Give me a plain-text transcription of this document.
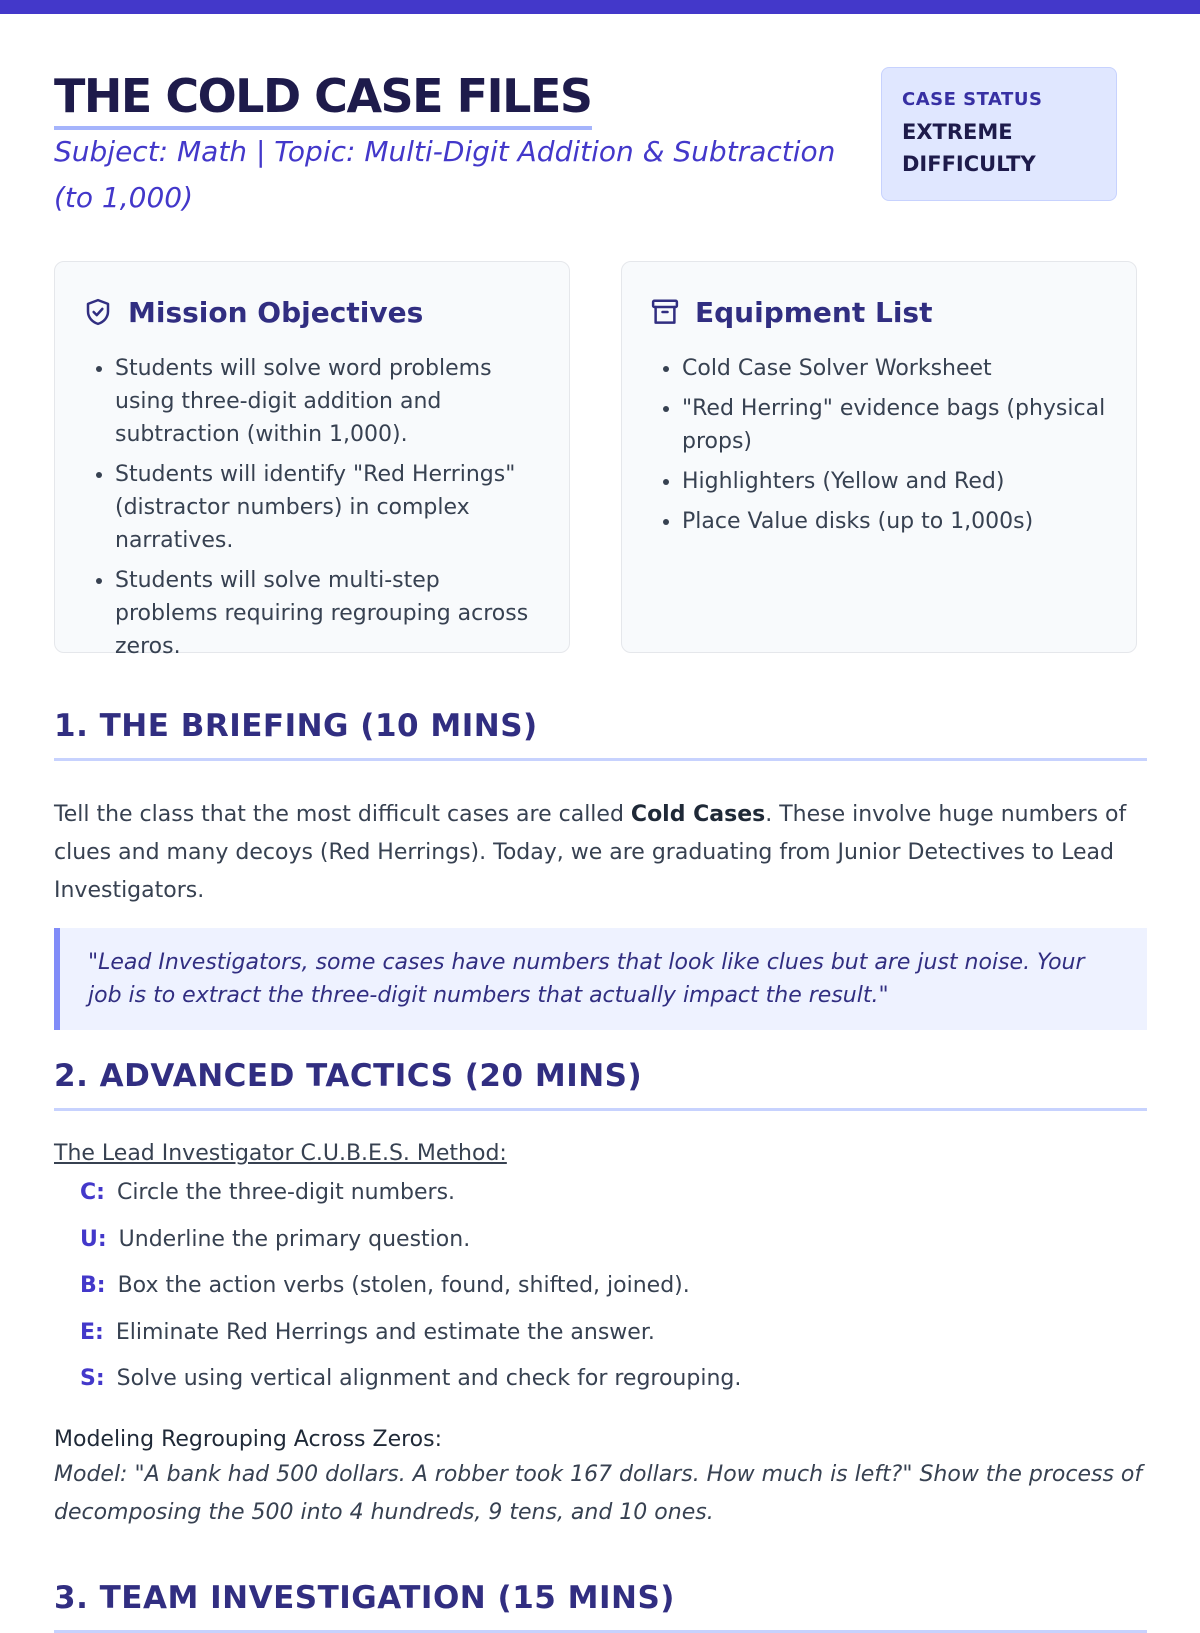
THE COLD CASE FILES

Subject: Math | Topic: Multi-Digit Addition & Subtraction (to 1,000)

CASE STATUS
EXTREME
DIFFICULTY
Mission Objectives
• Students will solve word problems using three-digit addition and subtraction (within 1,000).
• Students will identify "Red Herrings" (distractor numbers) in complex narratives.
• Students will solve multi-step problems requiring regrouping across zeros.
Equipment List
• Cold Case Solver Worksheet
• "Red Herring" evidence bags (physical props)
• Highlighters (Yellow and Red)
• Place Value disks (up to 1,000s)
1. THE BRIEFING (10 MINS)

Tell the class that the most difficult cases are called Cold Cases. These involve huge numbers of clues and many decoys (Red Herrings). Today, we are graduating from Junior Detectives to Lead Investigators.

"Lead Investigators, some cases have numbers that look like clues but are just noise. Your job is to extract the three-digit numbers that actually impact the result."
2. ADVANCED TACTICS (20 MINS)
The Lead Investigator C.U.B.E.S. Method:
C: Circle the three-digit numbers.
U: Underline the primary question.
B: Box the action verbs (stolen, found, shifted, joined).
E: Eliminate Red Herrings and estimate the answer.
S: Solve using vertical alignment and check for regrouping.
Modeling Regrouping Across Zeros:
Model: "A bank had 500 dollars. A robber took 167 dollars. How much is left?" Show the process of decomposing the 500 into 4 hundreds, 9 tens, and 10 ones.
3. TEAM INVESTIGATION (15 MINS)
